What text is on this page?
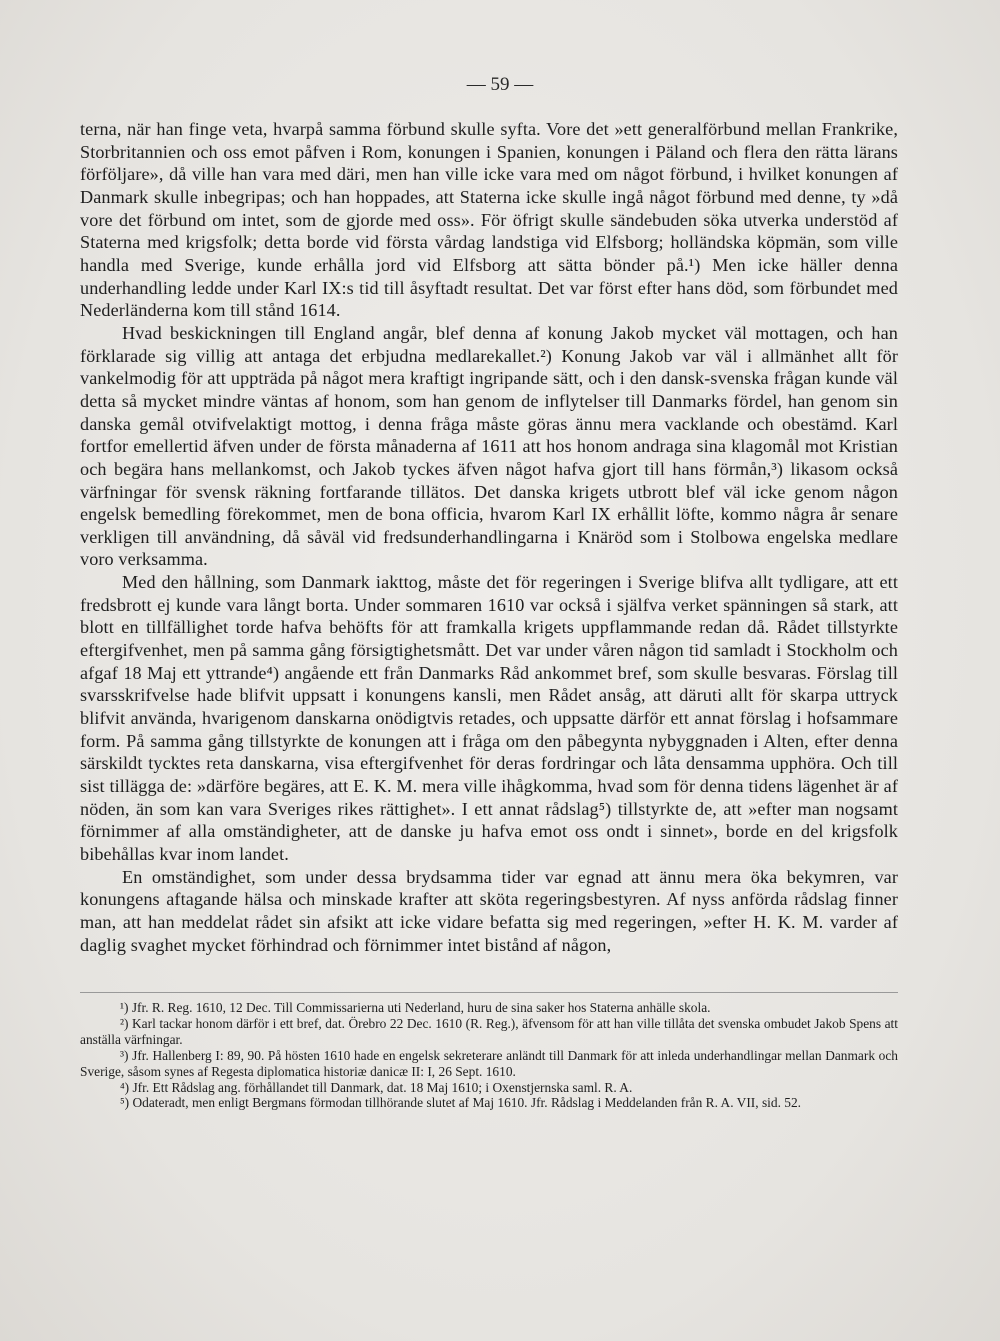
— 59 —

terna, när han finge veta, hvarpå samma förbund skulle syfta. Vore det »ett generalförbund mellan Frankrike, Storbritannien och oss emot påfven i Rom, konungen i Spanien, konungen i Päland och flera den rätta lärans förföljare», då ville han vara med däri, men han ville icke vara med om något förbund, i hvilket konungen af Danmark skulle inbegripas; och han hoppades, att Staterna icke skulle ingå något förbund med denne, ty »då vore det förbund om intet, som de gjorde med oss». För öfrigt skulle sändebuden söka utverka understöd af Staterna med krigsfolk; detta borde vid första vårdag landstiga vid Elfsborg; holländska köpmän, som ville handla med Sverige, kunde erhålla jord vid Elfsborg att sätta bönder på.¹) Men icke häller denna underhandling ledde under Karl IX:s tid till åsyftadt resultat. Det var först efter hans död, som förbundet med Nederländerna kom till stånd 1614.

Hvad beskickningen till England angår, blef denna af konung Jakob mycket väl mottagen, och han förklarade sig villig att antaga det erbjudna medlarekallet.²) Konung Jakob var väl i allmänhet allt för vankelmodig för att uppträda på något mera kraftigt ingripande sätt, och i den dansk-svenska frågan kunde väl detta så mycket mindre väntas af honom, som han genom de inflytelser till Danmarks fördel, han genom sin danska gemål otvifvelaktigt mottog, i denna fråga måste göras ännu mera vacklande och obestämd. Karl fortfor emellertid äfven under de första månaderna af 1611 att hos honom andraga sina klagomål mot Kristian och begära hans mellankomst, och Jakob tyckes äfven något hafva gjort till hans förmån,³) likasom också värfningar för svensk räkning fortfarande tillätos. Det danska krigets utbrott blef väl icke genom någon engelsk bemedling förekommet, men de bona officia, hvarom Karl IX erhållit löfte, kommo några år senare verkligen till användning, då såväl vid fredsunderhandlingarna i Knäröd som i Stolbowa engelska medlare voro verksamma.

Med den hållning, som Danmark iakttog, måste det för regeringen i Sverige blifva allt tydligare, att ett fredsbrott ej kunde vara långt borta. Under sommaren 1610 var också i själfva verket spänningen så stark, att blott en tillfällighet torde hafva behöfts för att framkalla krigets uppflammande redan då. Rådet tillstyrkte eftergifvenhet, men på samma gång försigtighetsmått. Det var under våren någon tid samladt i Stockholm och afgaf 18 Maj ett yttrande⁴) angående ett från Danmarks Råd ankommet bref, som skulle besvaras. Förslag till svarsskrifvelse hade blifvit uppsatt i konungens kansli, men Rådet ansåg, att däruti allt för skarpa uttryck blifvit använda, hvarigenom danskarna onödigtvis retades, och uppsatte därför ett annat förslag i hofsammare form. På samma gång tillstyrkte de konungen att i fråga om den påbegynta nybyggnaden i Alten, efter denna särskildt tycktes reta danskarna, visa eftergifvenhet för deras fordringar och låta densamma upphöra. Och till sist tillägga de: »därföre begäres, att E. K. M. mera ville ihågkomma, hvad som för denna tidens lägenhet är af nöden, än som kan vara Sveriges rikes rättighet». I ett annat rådslag⁵) tillstyrkte de, att »efter man nogsamt förnimmer af alla omständigheter, att de danske ju hafva emot oss ondt i sinnet», borde en del krigsfolk bibehållas kvar inom landet.

En omständighet, som under dessa brydsamma tider var egnad att ännu mera öka bekymren, var konungens aftagande hälsa och minskade krafter att sköta regeringsbestyren. Af nyss anförda rådslag finner man, att han meddelat rådet sin afsikt att icke vidare befatta sig med regeringen, »efter H. K. M. varder af daglig svaghet mycket förhindrad och förnimmer intet bistånd af någon,

¹) Jfr. R. Reg. 1610, 12 Dec. Till Commissarierna uti Nederland, huru de sina saker hos Staterna anhälle skola.

²) Karl tackar honom därför i ett bref, dat. Örebro 22 Dec. 1610 (R. Reg.), äfvensom för att han ville tillåta det svenska ombudet Jakob Spens att anställa värfningar.

³) Jfr. Hallenberg I: 89, 90. På hösten 1610 hade en engelsk sekreterare anländt till Danmark för att inleda underhandlingar mellan Danmark och Sverige, såsom synes af Regesta diplomatica historiæ danicæ II: I, 26 Sept. 1610.

⁴) Jfr. Ett Rådslag ang. förhållandet till Danmark, dat. 18 Maj 1610; i Oxenstjernska saml. R. A.

⁵) Odateradt, men enligt Bergmans förmodan tillhörande slutet af Maj 1610. Jfr. Rådslag i Meddelanden från R. A. VII, sid. 52.
